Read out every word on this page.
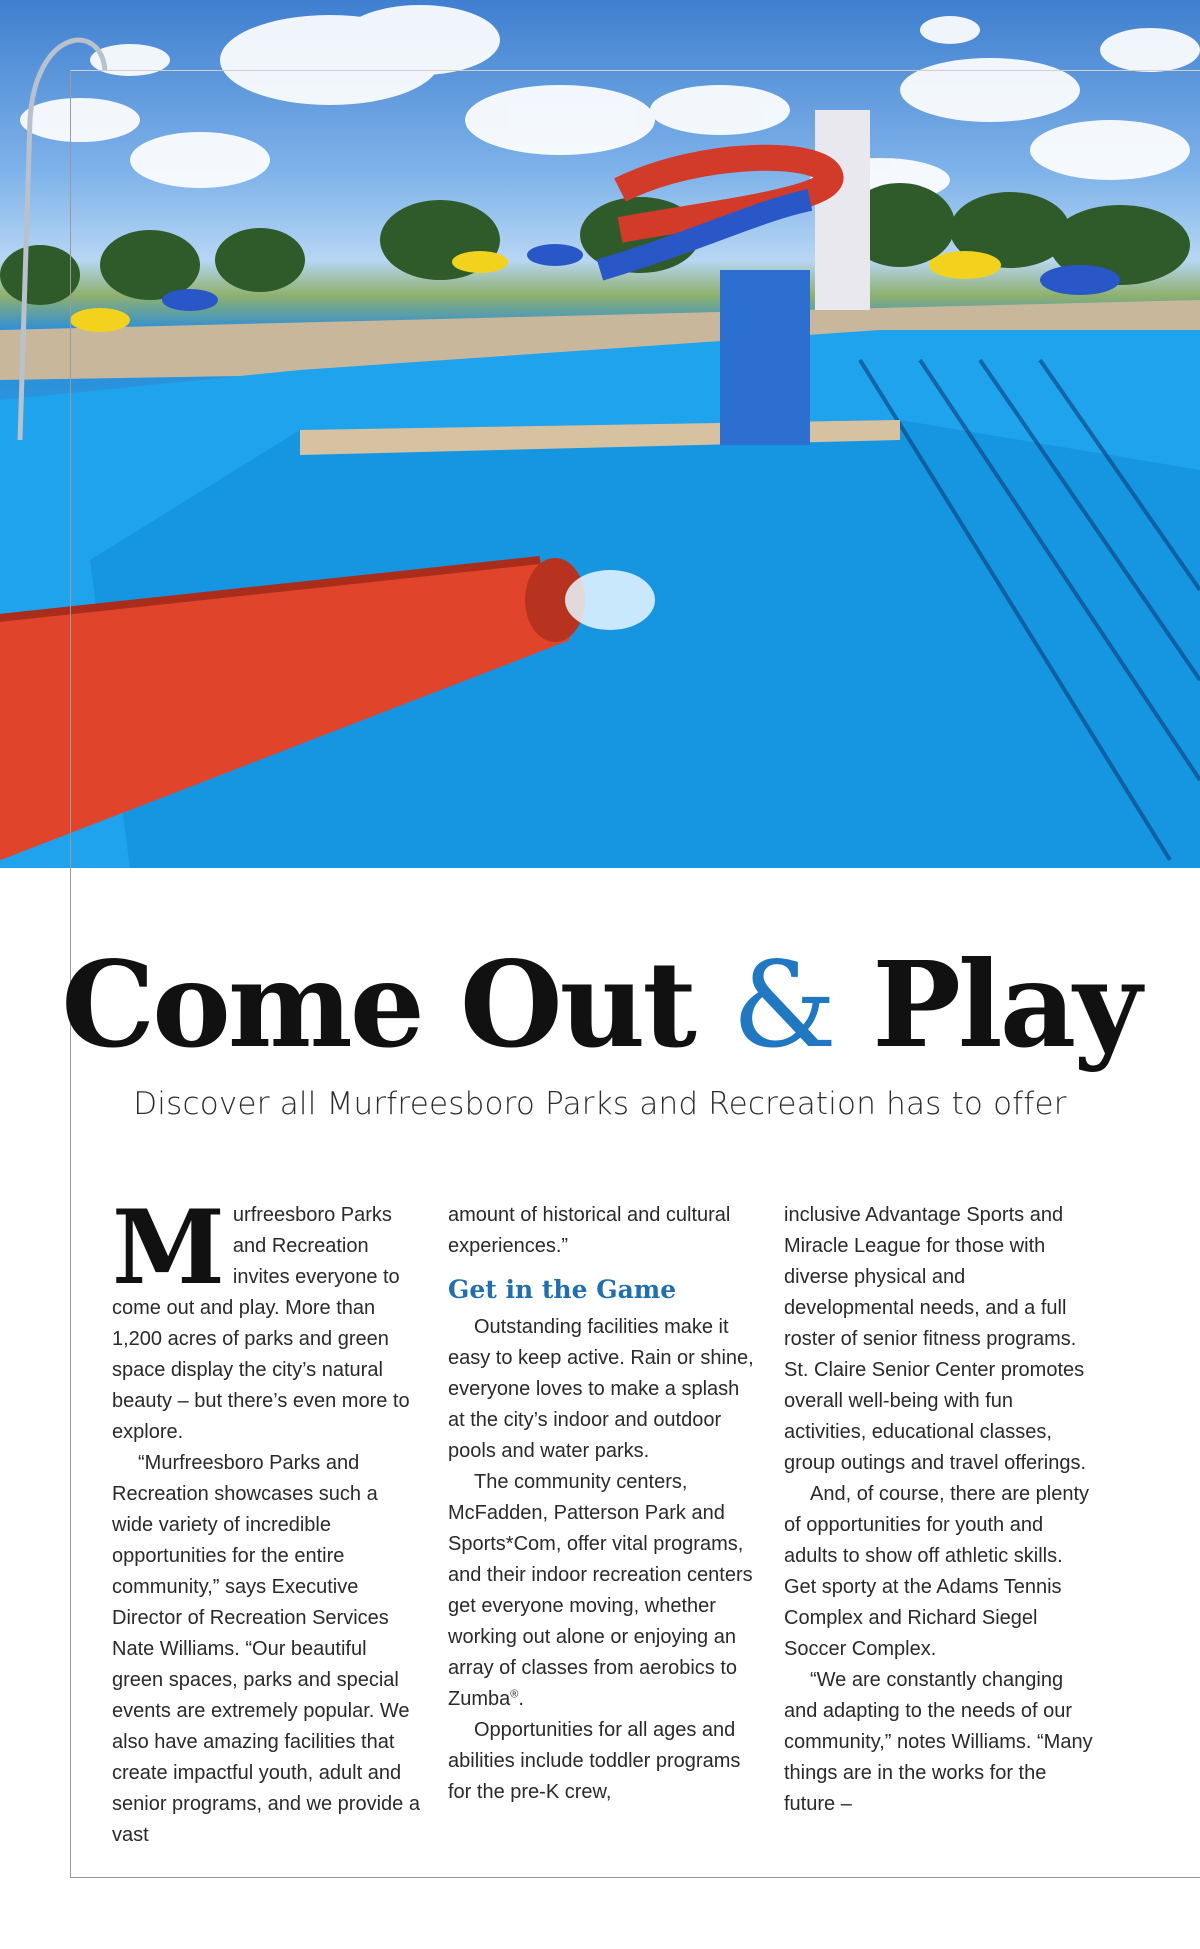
Come Out & Play
Discover all Murfreesboro Parks and Recreation has to offer

Murfreesboro Parks and Recreation invites everyone to come out and play. More than 1,200 acres of parks and green space display the city’s natural beauty – but there’s even more to explore.

“Murfreesboro Parks and Recreation showcases such a wide variety of incredible opportunities for the entire community,” says Executive Director of Recreation Services Nate Williams. “Our beautiful green spaces, parks and special events are extremely popular. We also have amazing facilities that create impactful youth, adult and senior programs, and we provide a vast

amount of historical and cultural experiences.”

Get in the Game

Outstanding facilities make it easy to keep active. Rain or shine, everyone loves to make a splash at the city’s indoor and outdoor pools and water parks.

The community centers, McFadden, Patterson Park and Sports*Com, offer vital programs, and their indoor recreation centers get everyone moving, whether working out alone or enjoying an array of classes from aerobics to Zumba®.

Opportunities for all ages and abilities include toddler programs for the pre-K crew,

inclusive Advantage Sports and Miracle League for those with diverse physical and developmental needs, and a full roster of senior fitness programs. St. Claire Senior Center promotes overall well-being with fun activities, educational classes, group outings and travel offerings.

And, of course, there are plenty of opportunities for youth and adults to show off athletic skills. Get sporty at the Adams Tennis Complex and Richard Siegel Soccer Complex.

“We are constantly changing and adapting to the needs of our community,” notes Williams. “Many things are in the works for the future –
